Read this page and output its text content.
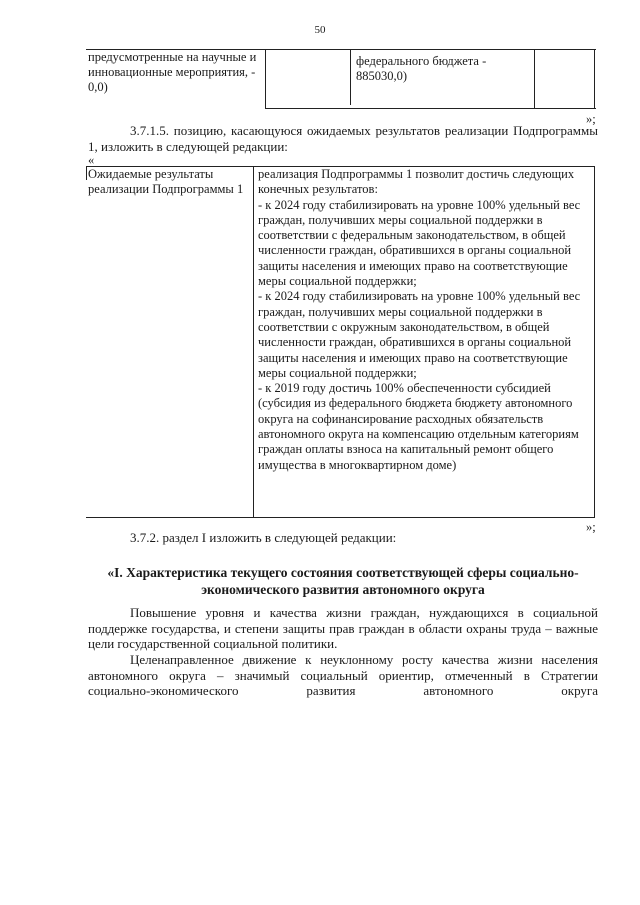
50
предусмотренные на научные и инновационные мероприятия, - 0,0)
федерального бюджета - 885030,0)
»;
3.7.1.5. позицию, касающуюся ожидаемых результатов реализации Подпрограммы 1, изложить в следующей редакции:
«
Ожидаемые результаты реализации Подпрограммы 1
реализация Подпрограммы 1 позволит достичь следующих конечных результатов:
- к 2024 году стабилизировать на уровне 100% удельный вес граждан, получивших меры социальной поддержки в соответствии с федеральным законодательством, в общей численности граждан, обратившихся в органы социальной защиты населения и имеющих право на соответствующие меры социальной поддержки;
- к 2024 году стабилизировать на уровне 100% удельный вес граждан, получивших меры социальной поддержки в соответствии с окружным законодательством, в общей численности граждан, обратившихся в органы социальной защиты населения и имеющих право на соответствующие меры социальной поддержки;
- к 2019 году достичь 100% обеспеченности субсидией (субсидия из федерального бюджета бюджету автономного округа на софинансирование расходных обязательств автономного округа на компенсацию отдельным категориям граждан оплаты взноса на капитальный ремонт общего имущества в многоквартирном доме)
»;
3.7.2. раздел I изложить в следующей редакции:
«I. Характеристика текущего состояния соответствующей сферы социально-экономического развития автономного округа
Повышение уровня и качества жизни граждан, нуждающихся в социальной поддержке государства, и степени защиты прав граждан в области охраны труда – важные цели государственной социальной политики.
Целенаправленное движение к неуклонному росту качества жизни населения автономного округа – значимый социальный ориентир, отмеченный в Стратегии социально-экономического развития автономного округа
